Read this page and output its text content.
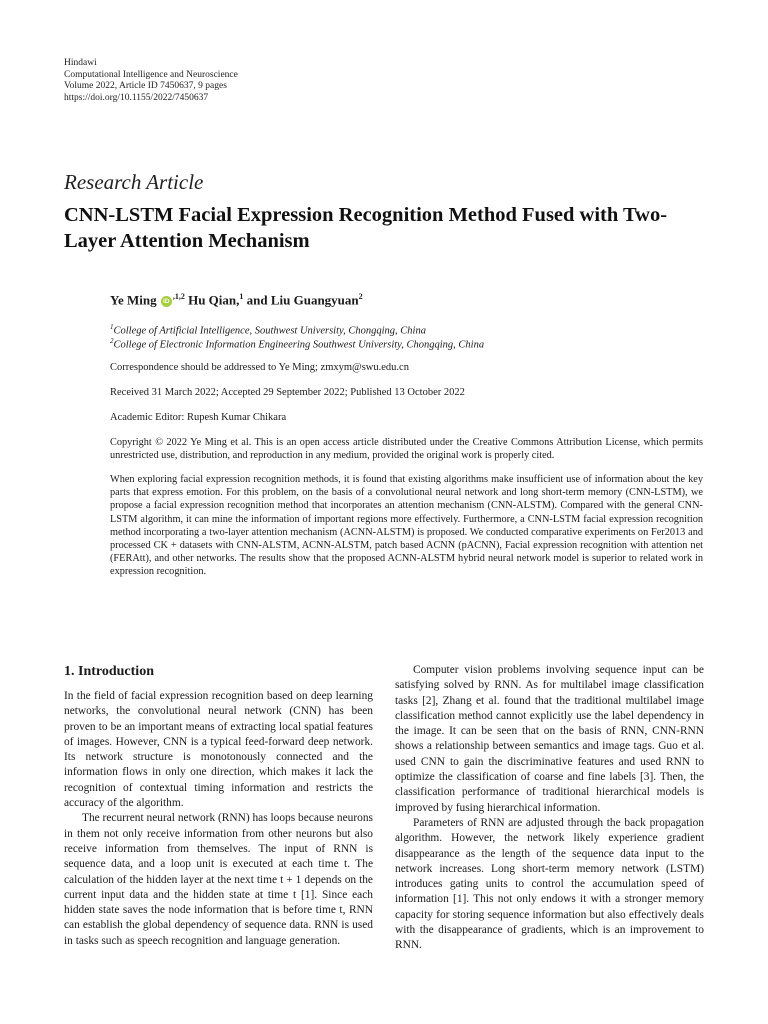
Hindawi
Computational Intelligence and Neuroscience
Volume 2022, Article ID 7450637, 9 pages
https://doi.org/10.1155/2022/7450637
Research Article
CNN-LSTM Facial Expression Recognition Method Fused with Two-Layer Attention Mechanism
Ye Ming $iD^{,1,2}$ Hu Qian,$^1$ and Liu Guangyuan$^2$
$^1$College of Artificial Intelligence, Southwest University, Chongqing, China
$^2$College of Electronic Information Engineering Southwest University, Chongqing, China
Correspondence should be addressed to Ye Ming; zmxym@swu.edu.cn
Received 31 March 2022; Accepted 29 September 2022; Published 13 October 2022
Academic Editor: Rupesh Kumar Chikara
Copyright © 2022 Ye Ming et al. This is an open access article distributed under the Creative Commons Attribution License, which permits unrestricted use, distribution, and reproduction in any medium, provided the original work is properly cited.
When exploring facial expression recognition methods, it is found that existing algorithms make insufficient use of information about the key parts that express emotion. For this problem, on the basis of a convolutional neural network and long short-term memory (CNN-LSTM), we propose a facial expression recognition method that incorporates an attention mechanism (CNN-ALSTM). Compared with the general CNN-LSTM algorithm, it can mine the information of important regions more effectively. Furthermore, a CNN-LSTM facial expression recognition method incorporating a two-layer attention mechanism (ACNN-ALSTM) is proposed. We conducted comparative experiments on Fer2013 and processed CK + datasets with CNN-ALSTM, ACNN-ALSTM, patch based ACNN (pACNN), Facial expression recognition with attention net (FERAtt), and other networks. The results show that the proposed ACNN-ALSTM hybrid neural network model is superior to related work in expression recognition.
1. Introduction

In the field of facial expression recognition based on deep learning networks, the convolutional neural network (CNN) has been proven to be an important means of extracting local spatial features of images. However, CNN is a typical feed-forward deep network. Its network structure is monotonously connected and the information flows in only one direction, which makes it lack the recognition of contextual timing information and restricts the accuracy of the algorithm.

The recurrent neural network (RNN) has loops because neurons in them not only receive information from other neurons but also receive information from themselves. The input of RNN is sequence data, and a loop unit is executed at each time t. The calculation of the hidden layer at the next time t + 1 depends on the current input data and the hidden state at time t [1]. Since each hidden state saves the node information that is before time t, RNN can establish the global dependency of sequence data. RNN is used in tasks such as speech recognition and language generation.

Computer vision problems involving sequence input can be satisfying solved by RNN. As for multilabel image classification tasks [2], Zhang et al. found that the traditional multilabel image classification method cannot explicitly use the label dependency in the image. It can be seen that on the basis of RNN, CNN-RNN shows a relationship between semantics and image tags. Guo et al. used CNN to gain the discriminative features and used RNN to optimize the classification of coarse and fine labels [3]. Then, the classification performance of traditional hierarchical models is improved by fusing hierarchical information.

Parameters of RNN are adjusted through the back propagation algorithm. However, the network likely experience gradient disappearance as the length of the sequence data input to the network increases. Long short-term memory network (LSTM) introduces gating units to control the accumulation speed of information [1]. This not only endows it with a stronger memory capacity for storing sequence information but also effectively deals with the disappearance of gradients, which is an improvement to RNN.
